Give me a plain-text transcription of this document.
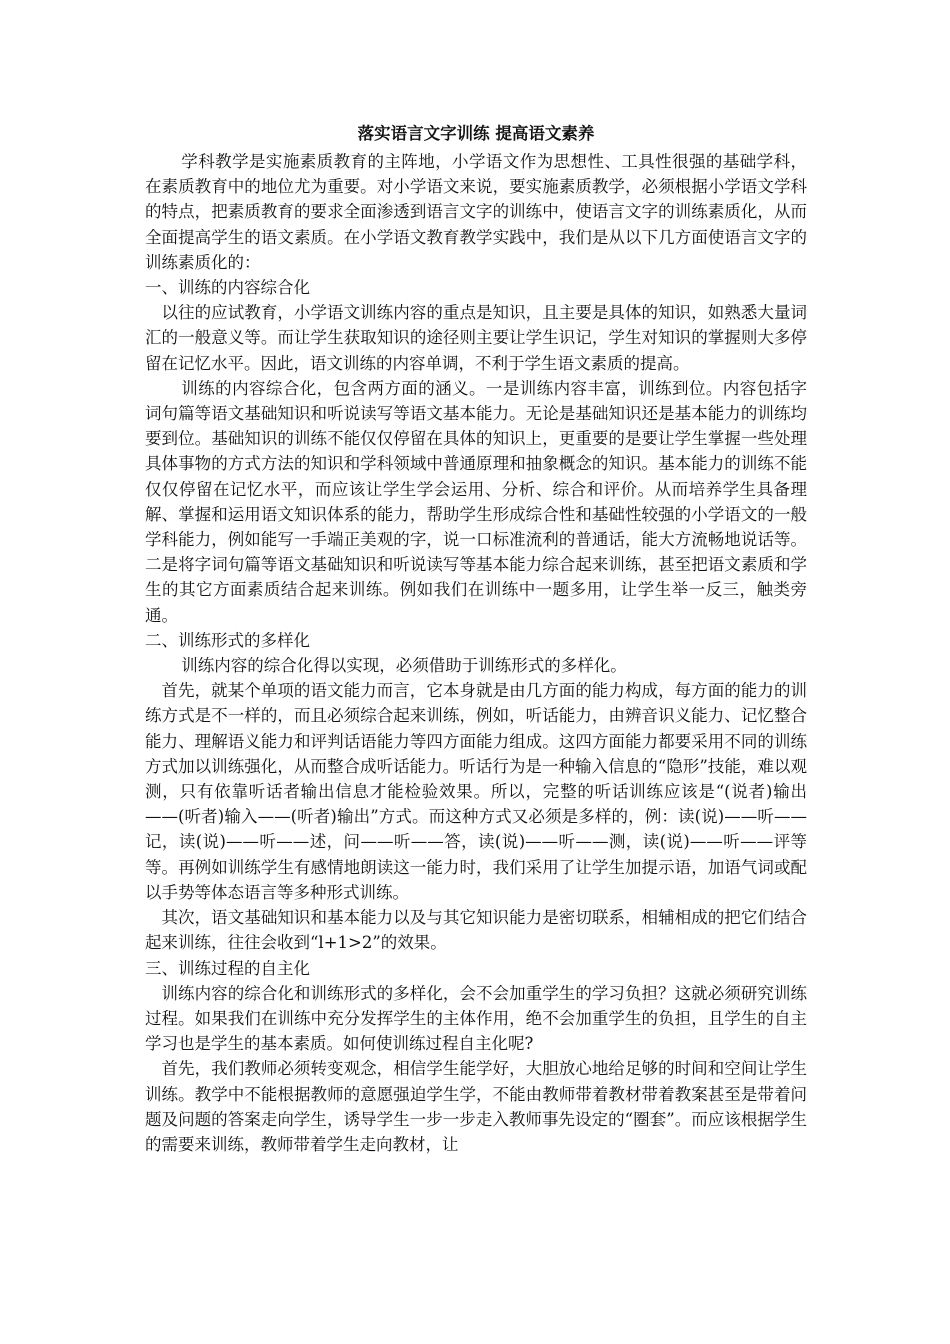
落实语言文字训练 提高语文素养

学科教学是实施素质教育的主阵地，小学语文作为思想性、工具性很强的基础学科，在素质教育中的地位尤为重要。对小学语文来说，要实施素质教学，必须根据小学语文学科的特点，把素质教育的要求全面渗透到语言文字的训练中，使语言文字的训练素质化，从而全面提高学生的语文素质。在小学语文教育教学实践中，我们是从以下几方面使语言文字的训练素质化的：

一、训练的内容综合化

以往的应试教育，小学语文训练内容的重点是知识，且主要是具体的知识，如熟悉大量词汇的一般意义等。而让学生获取知识的途径则主要让学生识记，学生对知识的掌握则大多停留在记忆水平。因此，语文训练的内容单调，不利于学生语文素质的提高。

训练的内容综合化，包含两方面的涵义。一是训练内容丰富，训练到位。内容包括字词句篇等语文基础知识和听说读写等语文基本能力。无论是基础知识还是基本能力的训练均要到位。基础知识的训练不能仅仅停留在具体的知识上，更重要的是要让学生掌握一些处理具体事物的方式方法的知识和学科领域中普通原理和抽象概念的知识。基本能力的训练不能仅仅停留在记忆水平，而应该让学生学会运用、分析、综合和评价。从而培养学生具备理解、掌握和运用语文知识体系的能力，帮助学生形成综合性和基础性较强的小学语文的一般学科能力，例如能写一手端正美观的字，说一口标准流利的普通话，能大方流畅地说话等。二是将字词句篇等语文基础知识和听说读写等基本能力综合起来训练，甚至把语文素质和学生的其它方面素质结合起来训练。例如我们在训练中一题多用，让学生举一反三，触类旁通。

二、训练形式的多样化

训练内容的综合化得以实现，必须借助于训练形式的多样化。

首先，就某个单项的语文能力而言，它本身就是由几方面的能力构成，每方面的能力的训练方式是不一样的，而且必须综合起来训练，例如，听话能力，由辨音识义能力、记忆整合能力、理解语义能力和评判话语能力等四方面能力组成。这四方面能力都要采用不同的训练方式加以训练强化，从而整合成听话能力。听话行为是一种输入信息的“隐形”技能，难以观测，只有依靠听话者输出信息才能检验效果。所以，完整的听话训练应该是“(说者)输出——(听者)输入——(听者)输出”方式。而这种方式又必须是多样的，例：读(说)——听——记，读(说)——听——述，问——听——答，读(说)——听——测，读(说)——听——评等等。再例如训练学生有感情地朗读这一能力时，我们采用了让学生加提示语，加语气词或配以手势等体态语言等多种形式训练。

其次，语文基础知识和基本能力以及与其它知识能力是密切联系，相辅相成的把它们结合起来训练，往往会收到“l+1>2”的效果。

三、训练过程的自主化

训练内容的综合化和训练形式的多样化，会不会加重学生的学习负担？这就必须研究训练过程。如果我们在训练中充分发挥学生的主体作用，绝不会加重学生的负担，且学生的自主学习也是学生的基本素质。如何使训练过程自主化呢?

首先，我们教师必须转变观念，相信学生能学好，大胆放心地给足够的时间和空间让学生训练。教学中不能根据教师的意愿强迫学生学，不能由教师带着教材带着教案甚至是带着问题及问题的答案走向学生，诱导学生一步一步走入教师事先设定的“圈套”。而应该根据学生的需要来训练，教师带着学生走向教材，让
